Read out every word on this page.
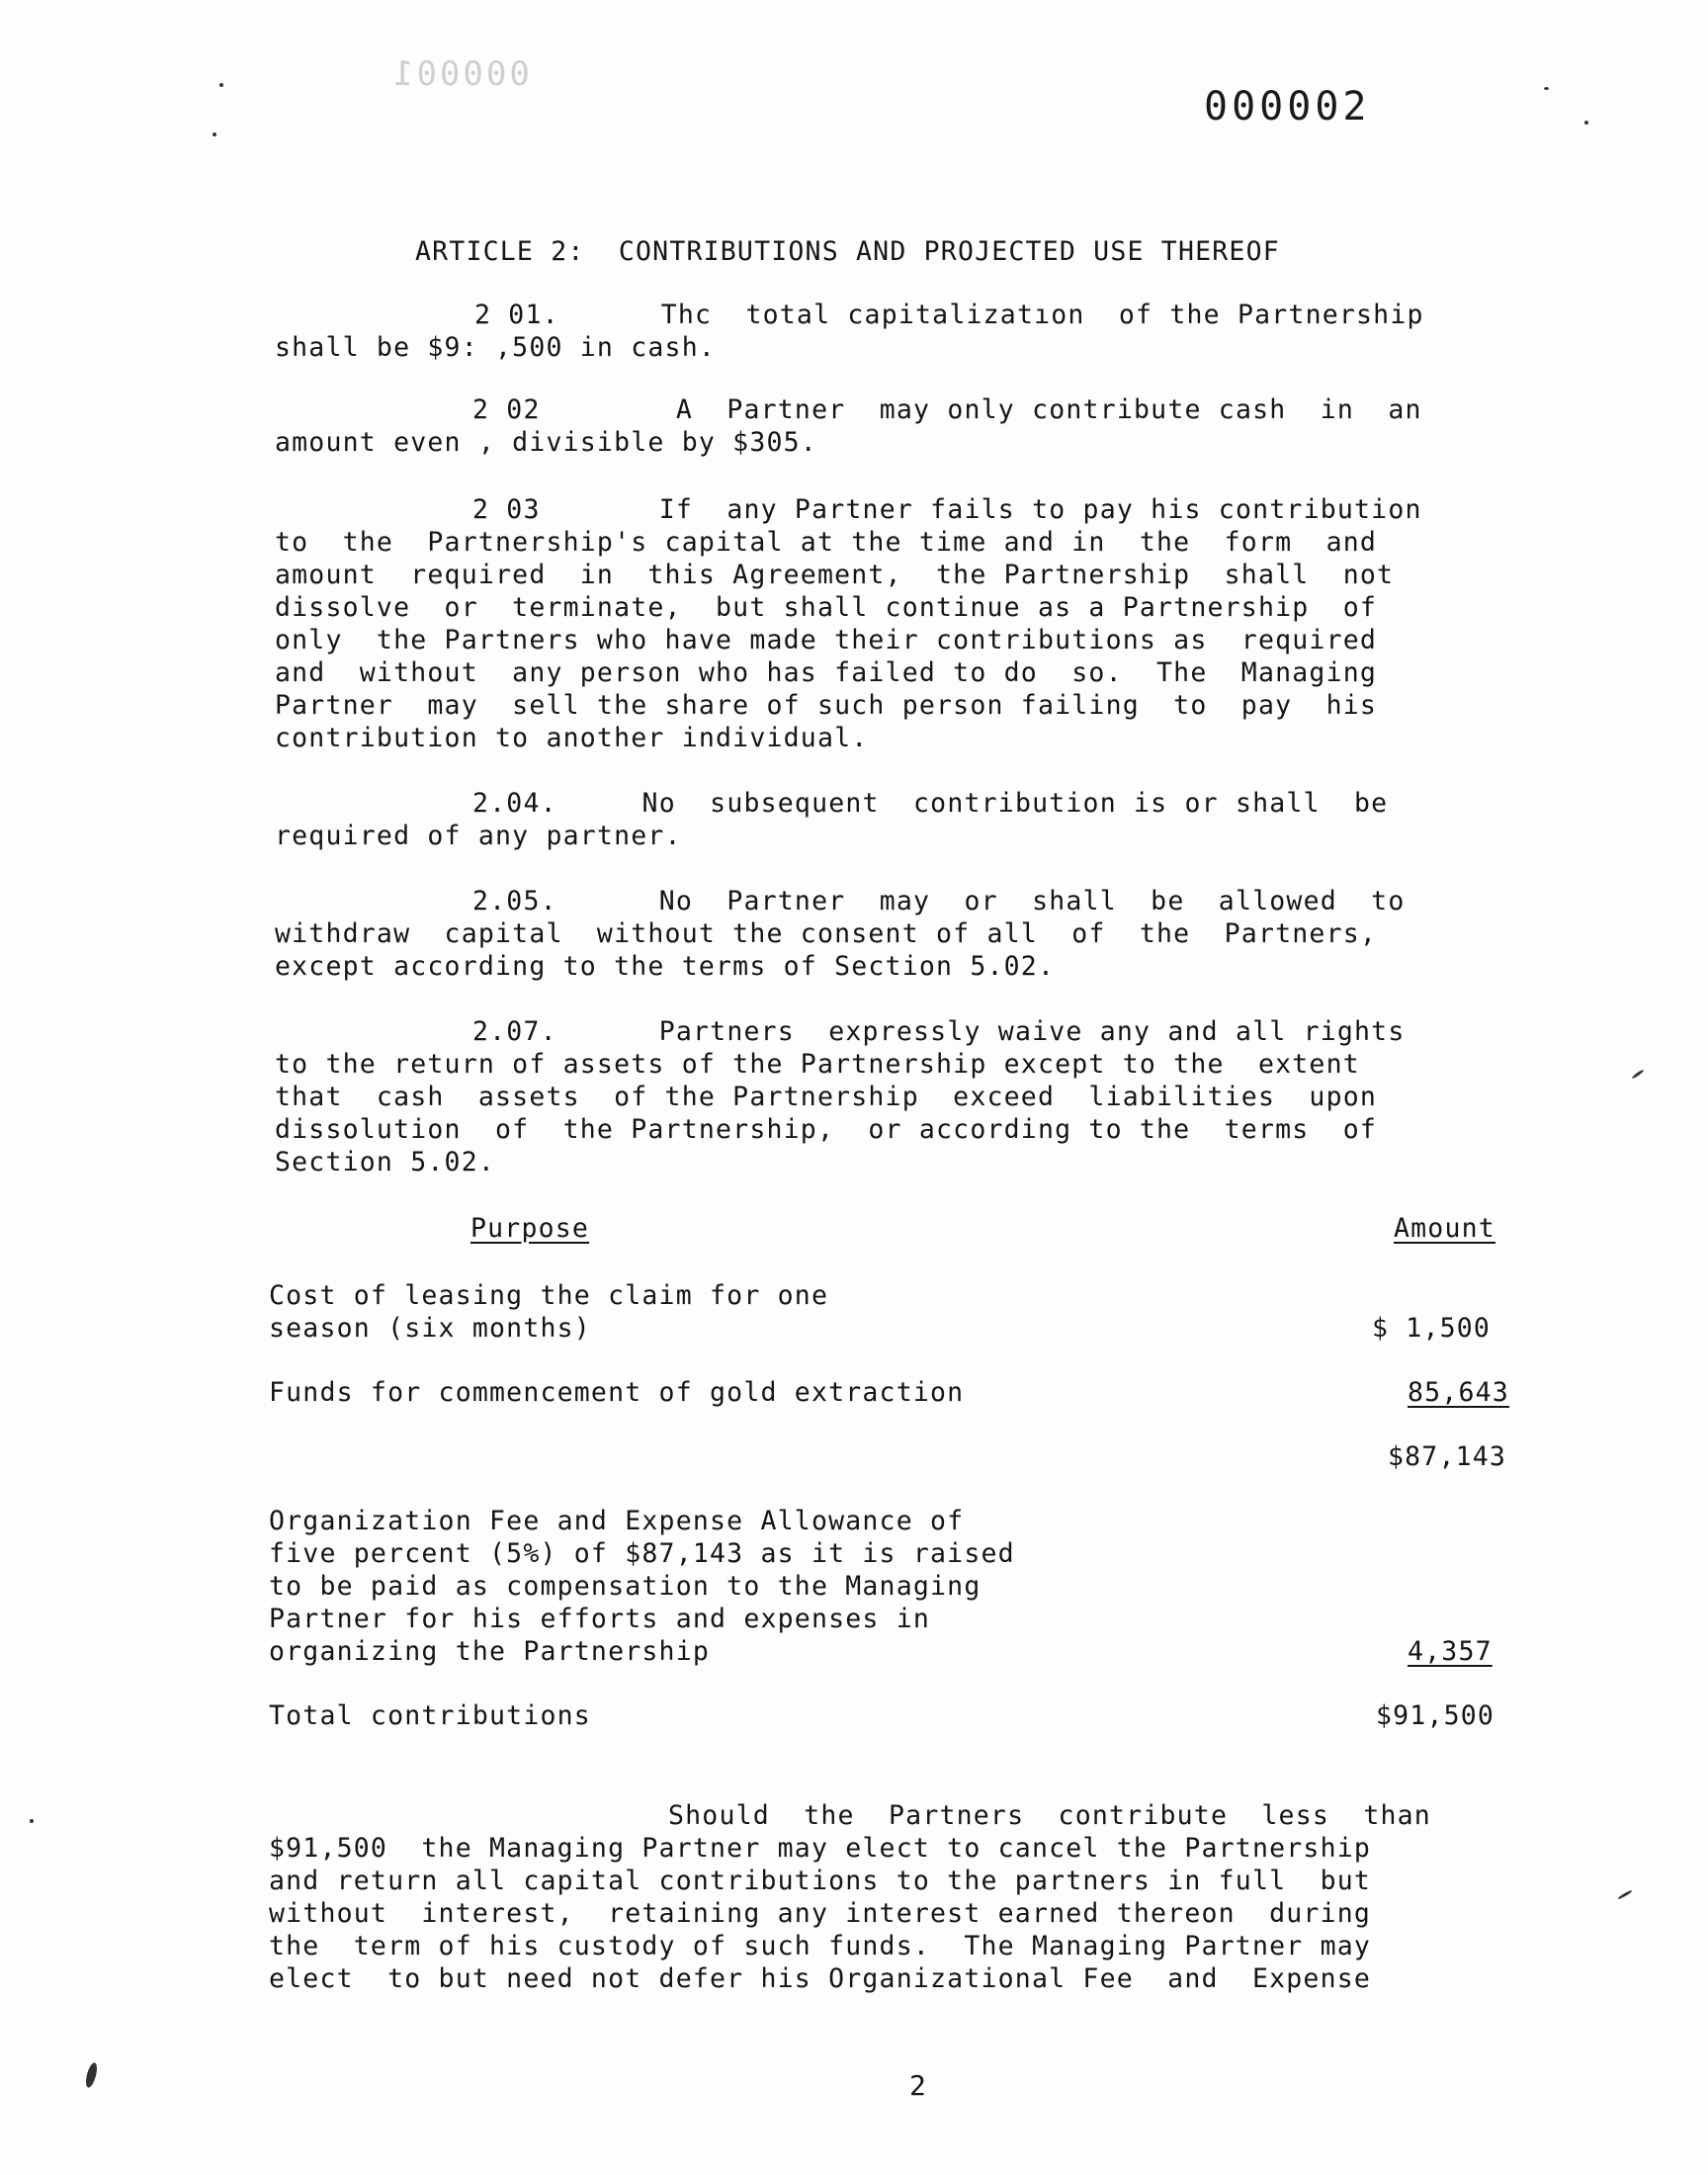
000001
000002
ARTICLE 2:  CONTRIBUTIONS AND PROJECTED USE THEREOF
2 01.      Thc  total capitalizatıon  of the Partnership
shall be $9: ,500 in cash.
2 02        A  Partner  may only contribute cash  in  an
amount even , divisible by $305.
2 03       If  any Partner fails to pay his contribution
to  the  Partnership's capital at the time and in  the  form  and
amount  required  in  this Agreement,  the Partnership  shall  not
dissolve  or  terminate,  but shall continue as a Partnership  of
only  the Partners who have made their contributions as  required
and  without  any person who has failed to do  so.  The  Managing
Partner  may  sell the share of such person failing  to  pay  his
contribution to another individual.
2.04.     No  subsequent  contribution is or shall  be
required of any partner.
2.05.      No  Partner  may  or  shall  be  allowed  to
withdraw  capital  without the consent of all  of  the  Partners,
except according to the terms of Section 5.02.
2.07.      Partners  expressly waive any and all rights
to the return of assets of the Partnership except to the  extent
that  cash  assets  of the Partnership  exceed  liabilities  upon
dissolution  of  the Partnership,  or according to the  terms  of
Section 5.02.
Purpose	Amount
Cost of leasing the claim for one
season (six months)	$ 1,500
Funds for commencement of gold extraction	85,643
$87,143
Organization Fee and Expense Allowance of
five percent (5%) of $87,143 as it is raised
to be paid as compensation to the Managing
Partner for his efforts and expenses in
organizing the Partnership	4,357
Total contributions	$91,500
Should  the  Partners  contribute  less  than
$91,500  the Managing Partner may elect to cancel the Partnership
and return all capital contributions to the partners in full  but
without  interest,  retaining any interest earned thereon  during
the  term of his custody of such funds.  The Managing Partner may
elect  to but need not defer his Organizational Fee  and  Expense
2
